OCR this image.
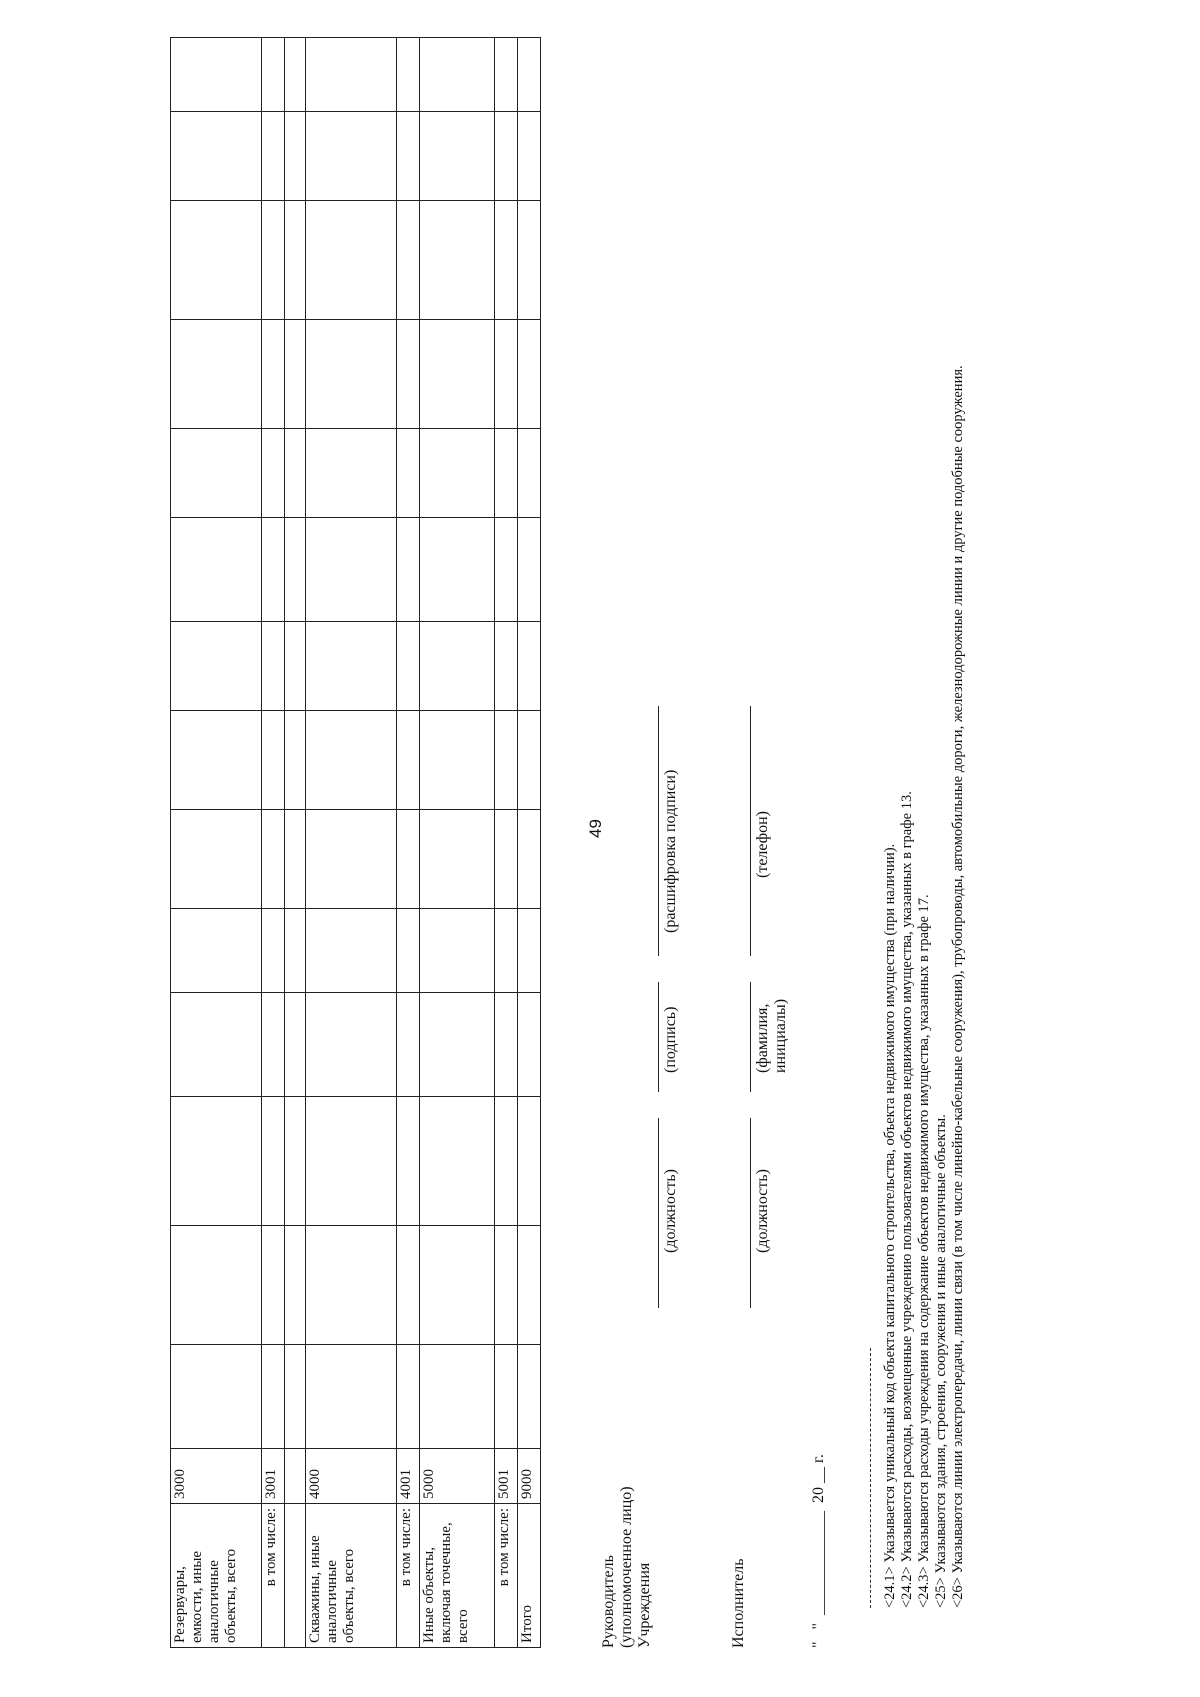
49
Резервуары, емкости, иные аналогичные объекты, всего	3000														
в том числе:	3001														

Скважины, иные аналогичные объекты, всего	4000														
в том числе:	4001														
Иные объекты, включая точечные, всего	5000														
в том числе:	5001														
Итого	9000														
Руководитель (уполномоченное лицо) Учреждения
(должность)
(подпись)
(расшифровка подписи)
Исполнитель
(должность)
(фамилия, инициалы)
(телефон)
"   "  _____________  20 __ г.	<24.1> Указывается уникальный код объекта капитального строительства, объекта недвижимого имущества (при наличии). <24.2> Указываются расходы, возмещенные учреждению пользователями объектов недвижимого имущества, указанных в графе 13. <24.3> Указываются расходы учреждения на содержание объектов недвижимого имущества, указанных в графе 17. <25> Указываются здания, строения, сооружения и иные аналогичные объекты. <26> Указываются линии электропередачи, линии связи (в том числе линейно-кабельные сооружения), трубопроводы, автомобильные дороги, железнодорожные линии и другие подобные сооружения.
